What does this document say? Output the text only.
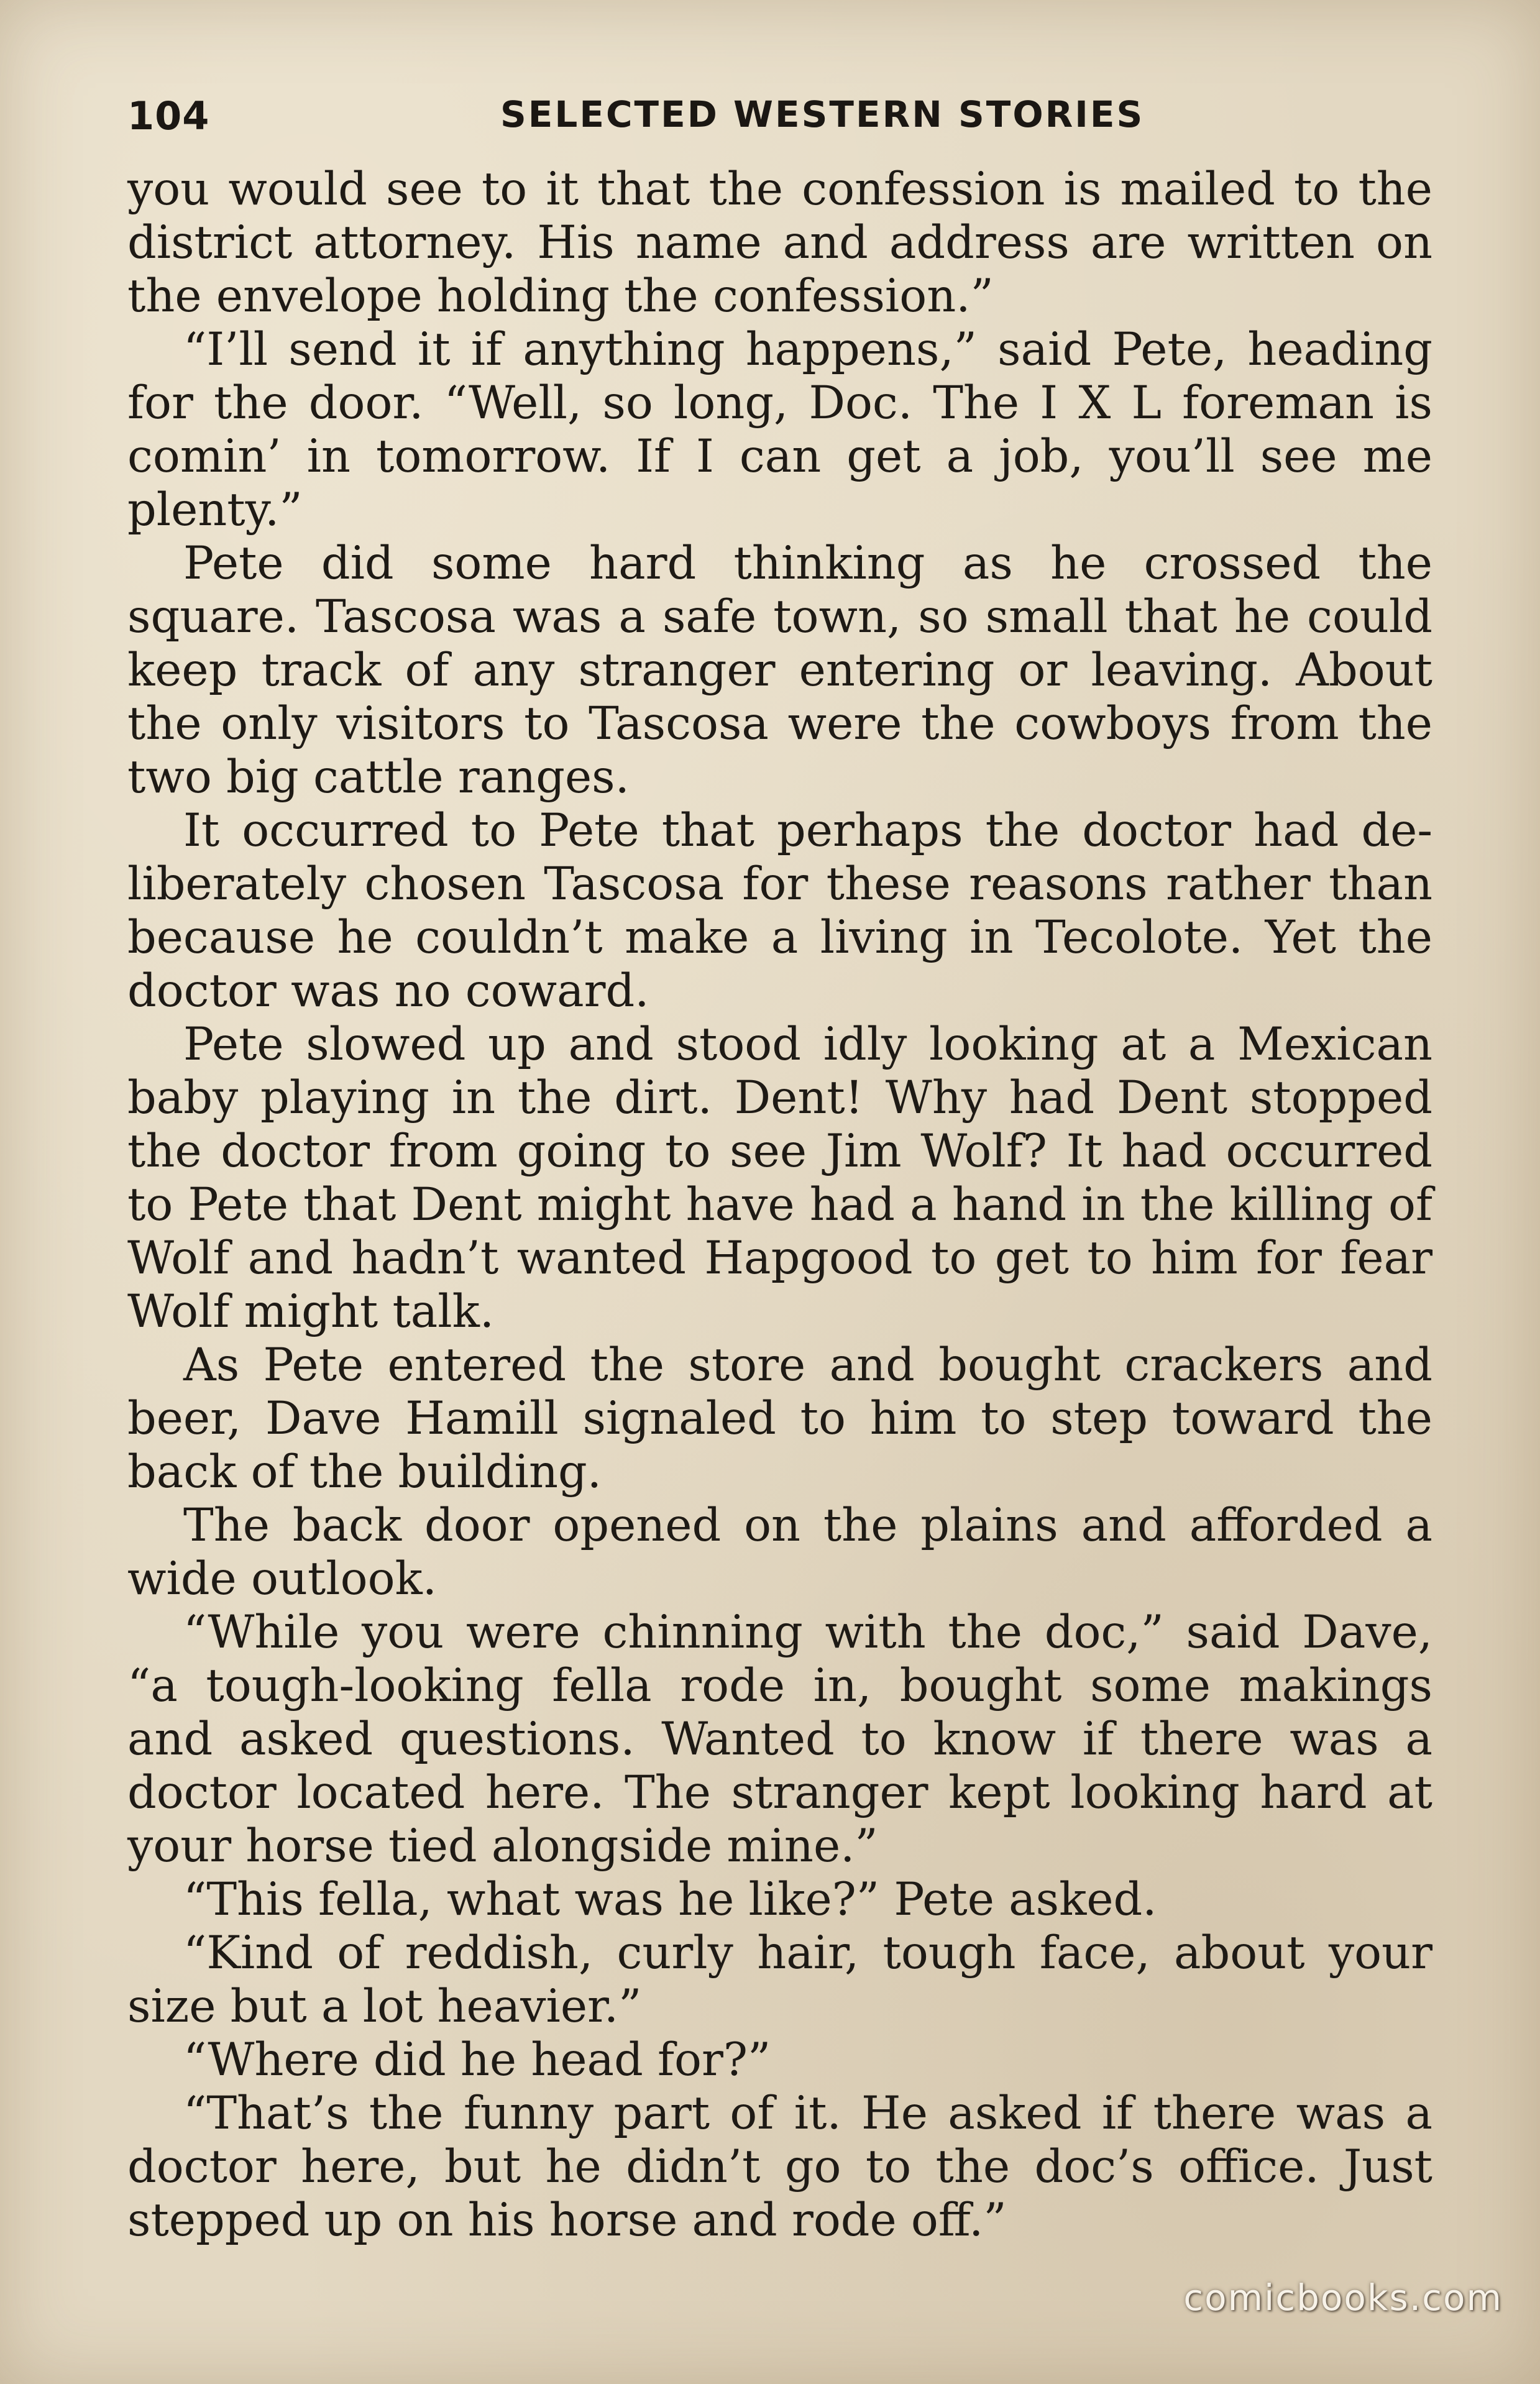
104	SELECTED WESTERN STORIES

you would see to it that the confession is mailed to the district attorney. His name and address are written on the envelope holding the confession.”

“I’ll send it if anything happens,” said Pete, heading for the door. “Well, so long, Doc. The I X L foreman is comin’ in tomorrow. If I can get a job, you’ll see me plenty.”

Pete did some hard thinking as he crossed the square. Tascosa was a safe town, so small that he could keep track of any stranger entering or leaving. About the only visitors to Tascosa were the cowboys from the two big cattle ranges.

It occurred to Pete that perhaps the doctor had deliberately chosen Tascosa for these reasons rather than because he couldn’t make a living in Tecolote. Yet the doctor was no coward.

Pete slowed up and stood idly looking at a Mexican baby playing in the dirt. Dent! Why had Dent stopped the doctor from going to see Jim Wolf? It had occurred to Pete that Dent might have had a hand in the killing of Wolf and hadn’t wanted Hapgood to get to him for fear Wolf might talk.

As Pete entered the store and bought crackers and beer, Dave Hamill signaled to him to step toward the back of the building.

The back door opened on the plains and afforded a wide outlook.

“While you were chinning with the doc,” said Dave, “a tough-looking fella rode in, bought some makings and asked questions. Wanted to know if there was a doctor located here. The stranger kept looking hard at your horse tied alongside mine.”

“This fella, what was he like?” Pete asked.

“Kind of reddish, curly hair, tough face, about your size but a lot heavier.”

“Where did he head for?”

“That’s the funny part of it. He asked if there was a doctor here, but he didn’t go to the doc’s office. Just stepped up on his horse and rode off.”

comicbooks.com
